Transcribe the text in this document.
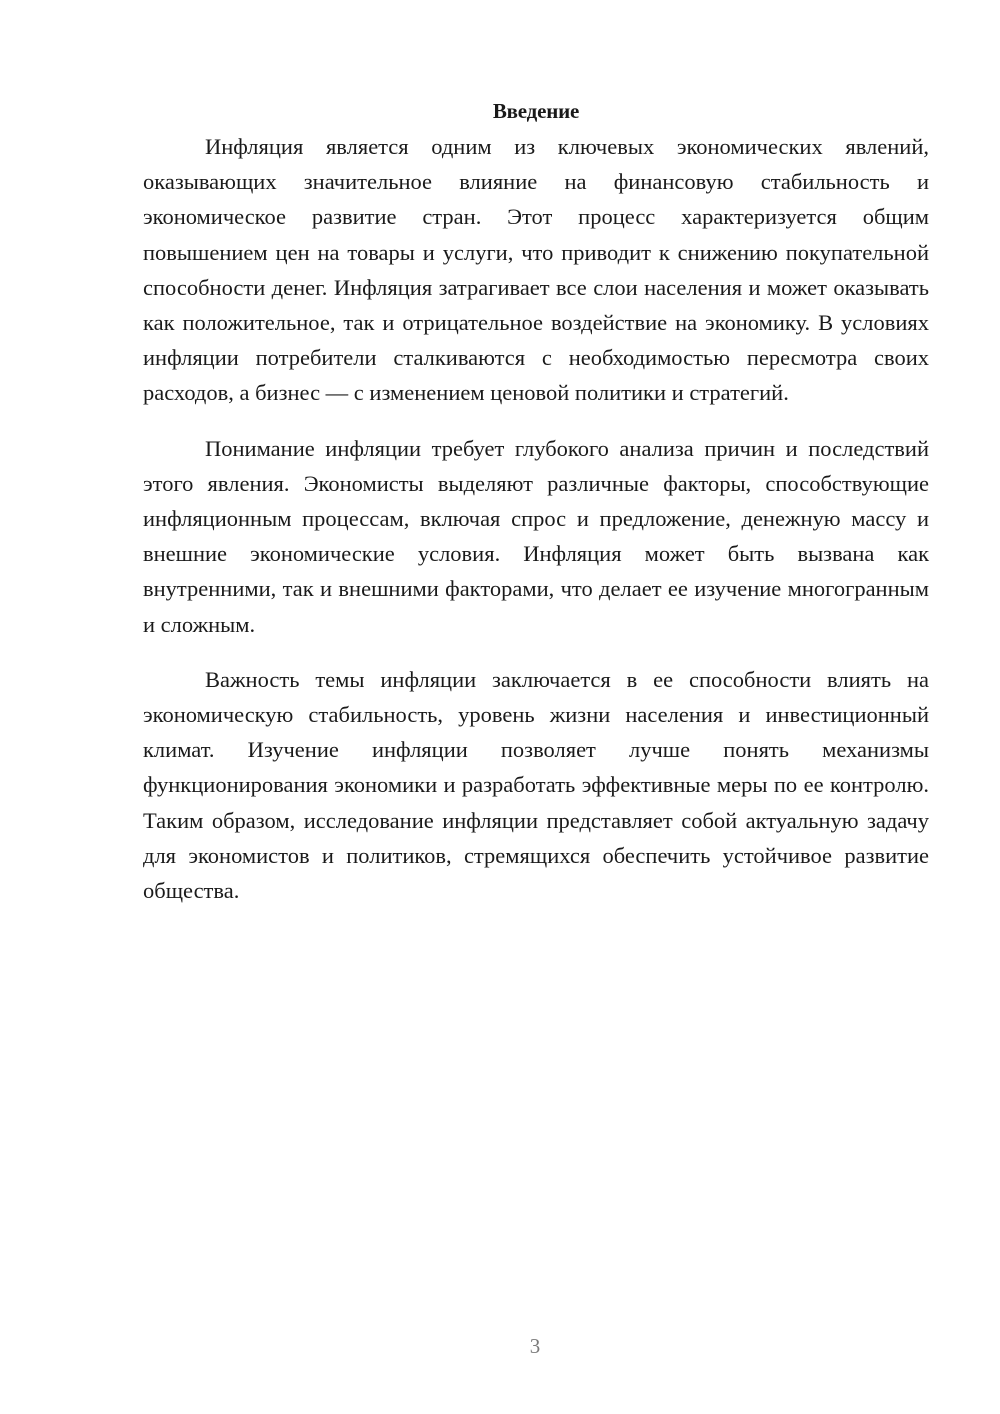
Введение

Инфляция является одним из ключевых экономических явлений, оказывающих значительное влияние на финансовую стабильность и экономическое развитие стран. Этот процесс характеризуется общим повышением цен на товары и услуги, что приводит к снижению покупательной способности денег. Инфляция затрагивает все слои населения и может оказывать как положительное, так и отрицательное воздействие на экономику. В условиях инфляции потребители сталкиваются с необходимостью пересмотра своих расходов, а бизнес — с изменением ценовой политики и стратегий.

Понимание инфляции требует глубокого анализа причин и последствий этого явления. Экономисты выделяют различные факторы, способствующие инфляционным процессам, включая спрос и предложение, денежную массу и внешние экономические условия. Инфляция может быть вызвана как внутренними, так и внешними факторами, что делает ее изучение многогранным и сложным.

Важность темы инфляции заключается в ее способности влиять на экономическую стабильность, уровень жизни населения и инвестиционный климат. Изучение инфляции позволяет лучше понять механизмы функционирования экономики и разработать эффективные меры по ее контролю. Таким образом, исследование инфляции представляет собой актуальную задачу для экономистов и политиков, стремящихся обеспечить устойчивое развитие общества.

3
